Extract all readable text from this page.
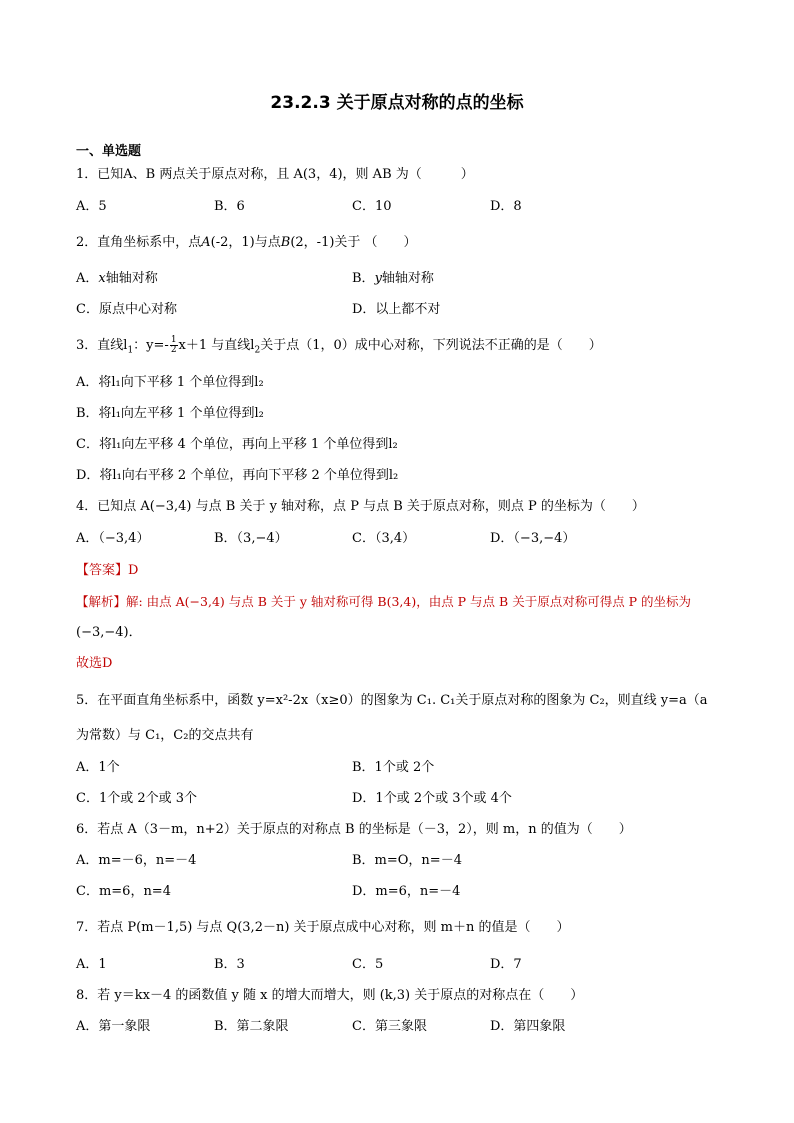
23.2.3 关于原点对称的点的坐标
一、单选题
1．已知A、B 两点关于原点对称，且 A(3，4)，则 AB 为（　　　）
A．5	B．6	C．10	D．8
2．直角坐标系中，点A(-2，1)与点B(2，-1)关于 （　　）
A．x轴轴对称	B．y轴轴对称
C．原点中心对称	D．以上都不对
3．直线$l_1$：$y=- \frac{1}{2} x+1$ 与直线$l_2$关于点（1，0）成中心对称，下列说法不正确的是（　　）
A．将l₁向下平移 1 个单位得到l₂
B．将l₁向左平移 1 个单位得到l₂
C．将l₁向左平移 4 个单位，再向上平移 1 个单位得到l₂
D．将l₁向右平移 2 个单位，再向下平移 2 个单位得到l₂
4．已知点 A(−3,4) 与点 B 关于 y 轴对称，点 P 与点 B 关于原点对称，则点 P 的坐标为（　　）
A．（−3,4）	B．（3,−4）	C．（3,4）	D．（−3,−4）
【答案】D
【解析】解: 由点 A(−3,4) 与点 B 关于 y 轴对称可得 B(3,4)，由点 P 与点 B 关于原点对称可得点 P 的坐标为
(−3,−4)．
故选D
5．在平面直角坐标系中，函数 y=x²-2x（x≥0）的图象为 C₁. C₁关于原点对称的图象为 C₂，则直线 y=a（a
为常数）与 C₁，C₂的交点共有
A．1个	B．1个或 2个
C．1个或 2个或 3个	D．1个或 2个或 3个或 4个
6．若点 A（3－m，n+2）关于原点的对称点 B 的坐标是（－3，2），则 m，n 的值为（　　）
A．m=－6，n=－4	B．m=O，n=－4
C．m=6，n=4	D．m=6，n=－4
7．若点 P(m－1,5) 与点 Q(3,2－n) 关于原点成中心对称，则 m＋n 的值是（　　）
A．1	B．3	C．5	D．7
8．若 y＝kx－4 的函数值 y 随 x 的增大而增大，则 (k,3) 关于原点的对称点在（　　）
A．第一象限	B．第二象限	C．第三象限	D．第四象限
